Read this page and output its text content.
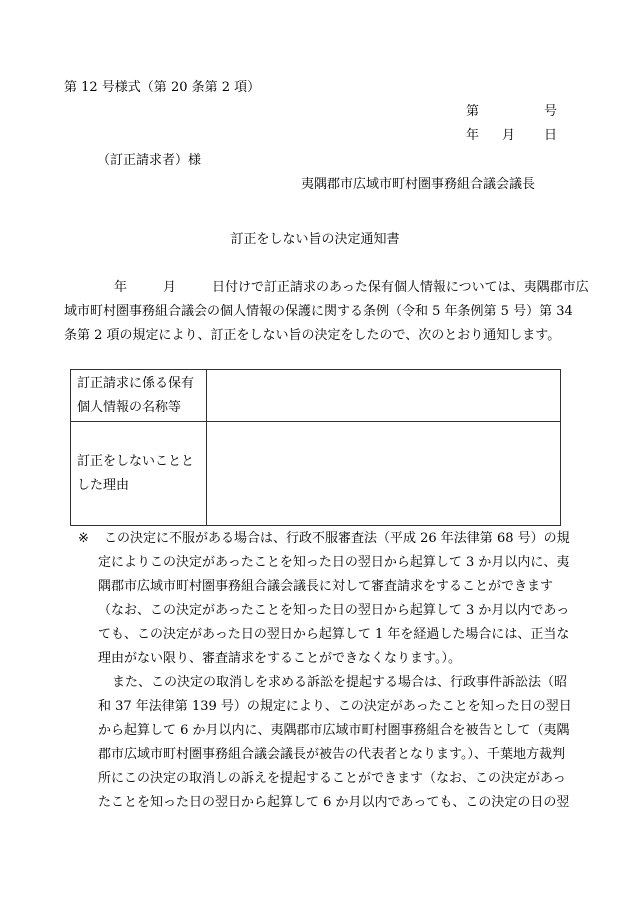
第 12 号様式（第 20 条第 2 項）

第	号

年 月 日

（訂正請求者）様

夷隅郡市広域市町村圏事務組合議会議長

訂正をしない旨の決定通知書

年	月	日付けで訂正請求のあった保有個人情報については、夷隅郡市広
域市町村圏事務組合議会の個人情報の保護に関する条例（令和 5 年条例第 5 号）第 34
条第 2 項の規定により、訂正をしない旨の決定をしたので、次のとおり通知します。
訂正請求に係る保有
個人情報の名称等	

訂正をしないことと
した理由	

※	この決定に不服がある場合は、行政不服審査法（平成 26 年法律第 68 号）の規
定によりこの決定があったことを知った日の翌日から起算して 3 か月以内に、夷
隅郡市広域市町村圏事務組合議会議長に対して審査請求をすることができます
（なお、この決定があったことを知った日の翌日から起算して 3 か月以内であっ
ても、この決定があった日の翌日から起算して 1 年を経過した場合には、正当な
理由がない限り、審査請求をすることができなくなります。）。
また、この決定の取消しを求める訴訟を提起する場合は、行政事件訴訟法（昭
和 37 年法律第 139 号）の規定により、この決定があったことを知った日の翌日
から起算して 6 か月以内に、夷隅郡市広域市町村圏事務組合を被告として（夷隅
郡市広域市町村圏事務組合議会議長が被告の代表者となります。）、千葉地方裁判
所にこの決定の取消しの訴えを提起することができます（なお、この決定があっ
たことを知った日の翌日から起算して 6 か月以内であっても、この決定の日の翌
